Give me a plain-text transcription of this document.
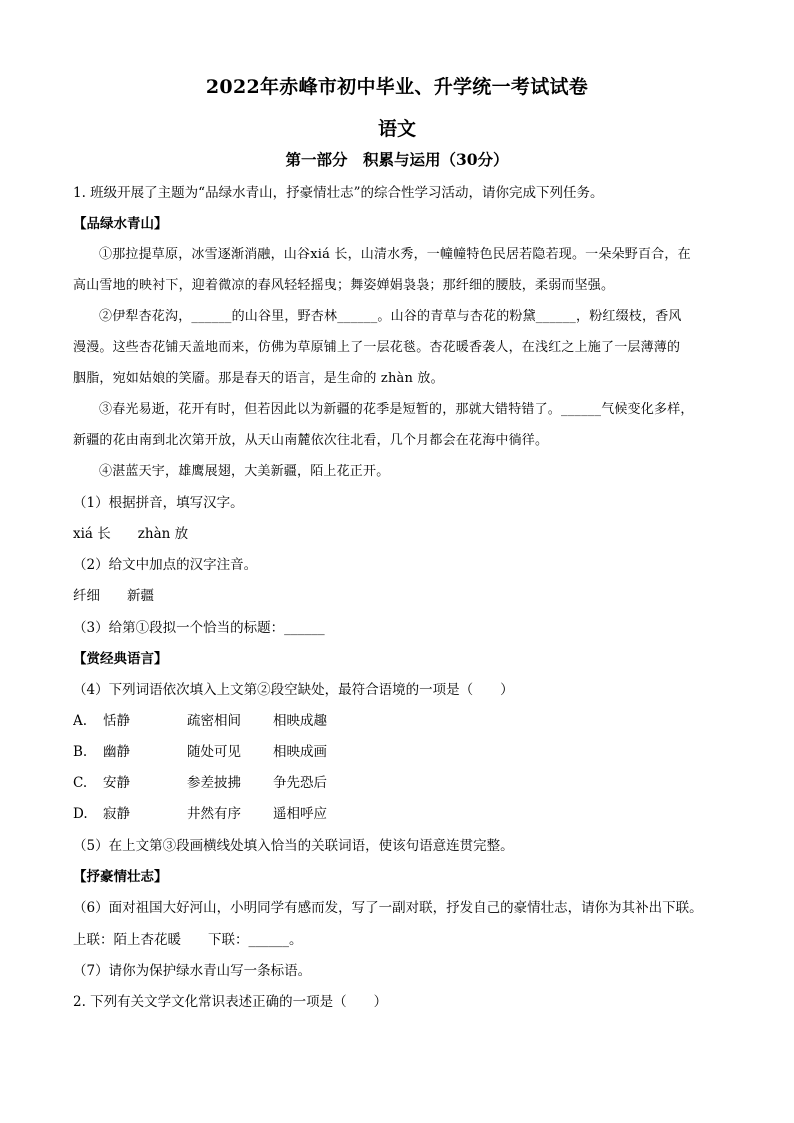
2022年赤峰市初中毕业、升学统一考试试卷
语文
第一部分　积累与运用（30分）

1. 班级开展了主题为“品绿水青山，抒豪情壮志”的综合性学习活动，请你完成下列任务。

【品绿水青山】

①那拉提草原，冰雪逐渐消融，山谷xiá 长，山清水秀，一幢幢特色民居若隐若现。一朵朵野百合，在

高山雪地的映衬下，迎着微凉的春风轻轻摇曳；舞姿婵娟袅袅；那纤细的腰肢，柔弱而坚强。

②伊犁杏花沟，______的山谷里，野杏林______。山谷的青草与杏花的粉黛______，粉红缀枝，香风

漫漫。这些杏花铺天盖地而来，仿佛为草原铺上了一层花毯。杏花暖香袭人，在浅红之上施了一层薄薄的

胭脂，宛如姑娘的笑靥。那是春天的语言，是生命的 zhàn 放。

③春光易逝，花开有时，但若因此以为新疆的花季是短暂的，那就大错特错了。______气候变化多样，

新疆的花由南到北次第开放，从天山南麓依次往北看，几个月都会在花海中徜徉。

④湛蓝天宇，雄鹰展翅，大美新疆，陌上花正开。

（1）根据拼音，填写汉字。

xiá 长　　zhàn 放

（2）给文中加点的汉字注音。

纤细　　新疆

（3）给第①段拟一个恰当的标题：______

【赏经典语言】

（4）下列词语依次填入上文第②段空缺处，最符合语境的一项是（　　）

A. 恬静	疏密相间 相映成趣

B. 幽静	随处可见 相映成画

C. 安静	参差披拂 争先恐后

D. 寂静	井然有序 遥相呼应

（5）在上文第③段画横线处填入恰当的关联词语，使该句语意连贯完整。

【抒豪情壮志】

（6）面对祖国大好河山，小明同学有感而发，写了一副对联，抒发自己的豪情壮志，请你为其补出下联。

上联：陌上杏花暖　　下联：______。

（7）请你为保护绿水青山写一条标语。

2. 下列有关文学文化常识表述正确的一项是（　　）
